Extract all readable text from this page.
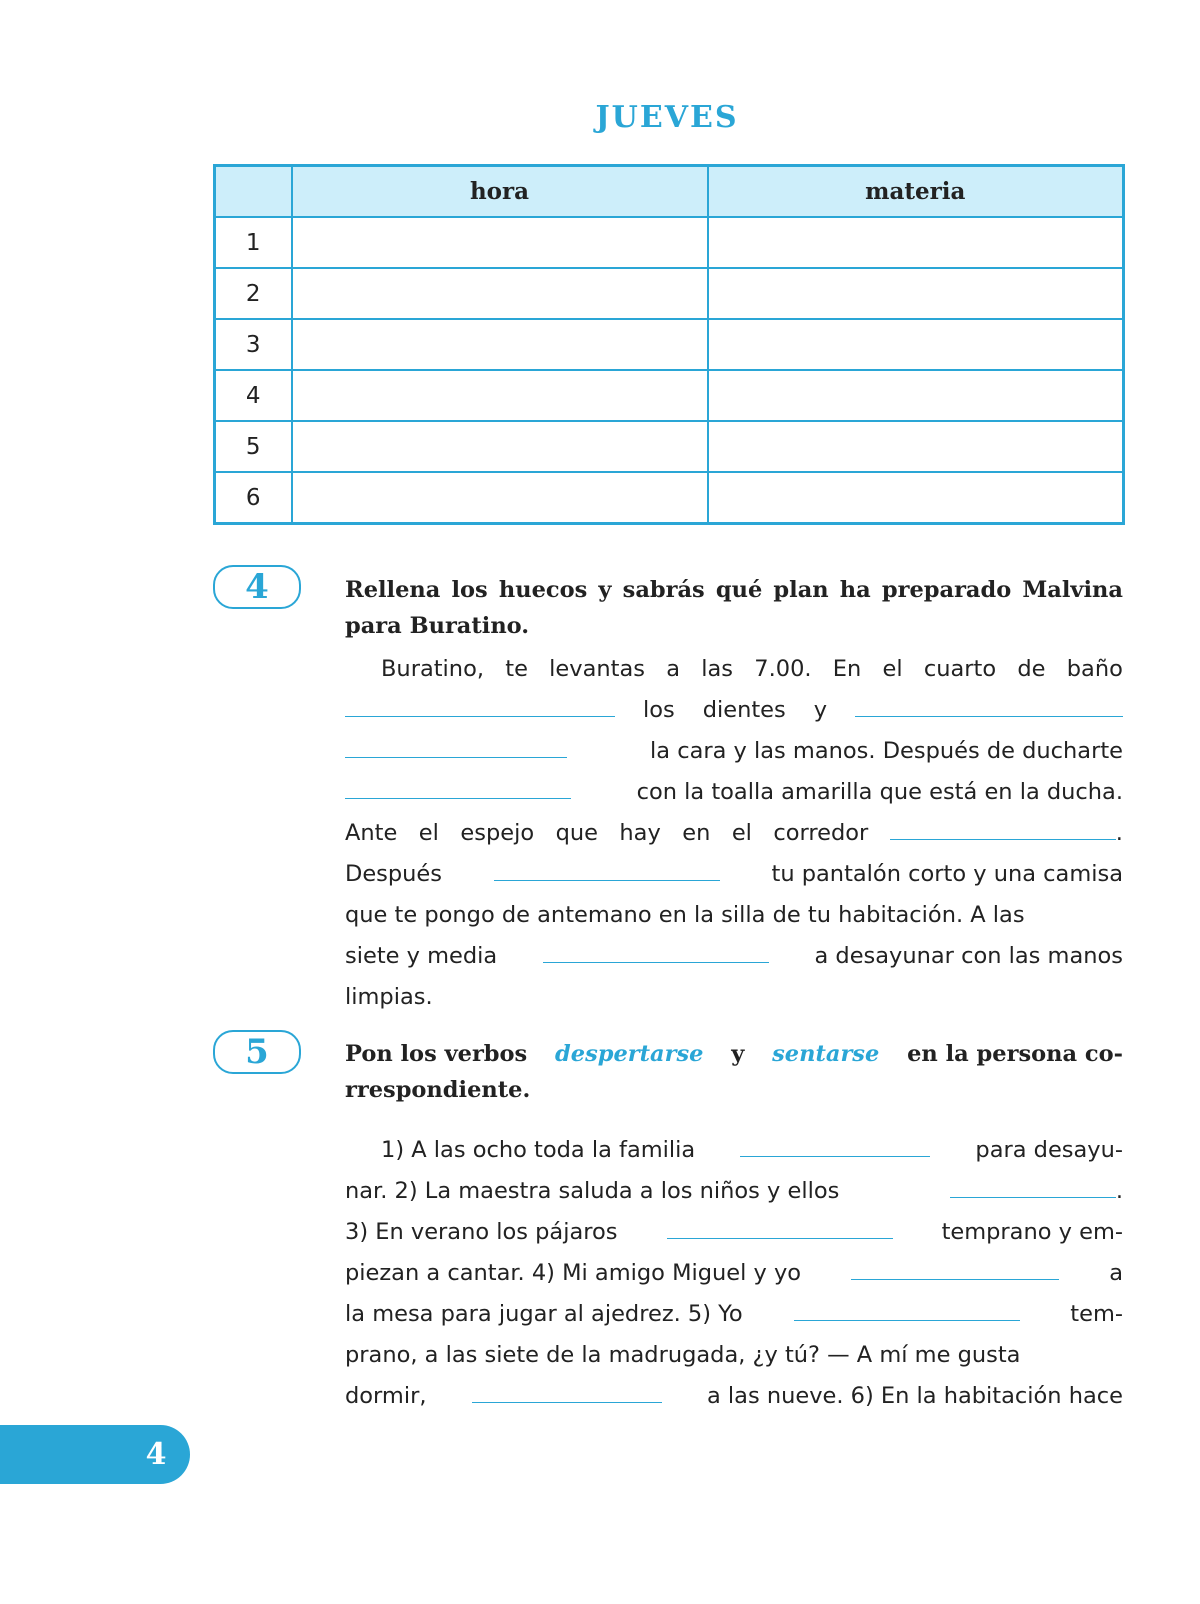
JUEVES
	hora	materia
1		
2		
3		
4		
5		
6		
4	Rellena los huecos y sabrás qué plan ha preparado Malvina para Buratino.

Buratino, te levantas a las 7.00. En el cuarto de baño
los dientes y
la cara y las manos. Después de ducharte
con la toalla amarilla que está en la ducha.
Ante el espejo que hay en el corredor	.
Después	tu pantalón corto y una camisa
que te pongo de antemano en la silla de tu habitación. A las
siete y media	a desayunar con las manos
limpias.
5	Pon los verbos despertarse y sentarse en la persona co-
rrespondiente.
1) A las ocho toda la familia	para desayu-
nar. 2) La maestra saluda a los niños y ellos	.
3) En verano los pájaros	temprano y em-
piezan a cantar. 4) Mi amigo Miguel y yo	a
la mesa para jugar al ajedrez. 5) Yo	tem-
prano, a las siete de la madrugada, ¿y tú? — A mí me gusta
dormir,	a las nueve. 6) En la habitación hace
4
